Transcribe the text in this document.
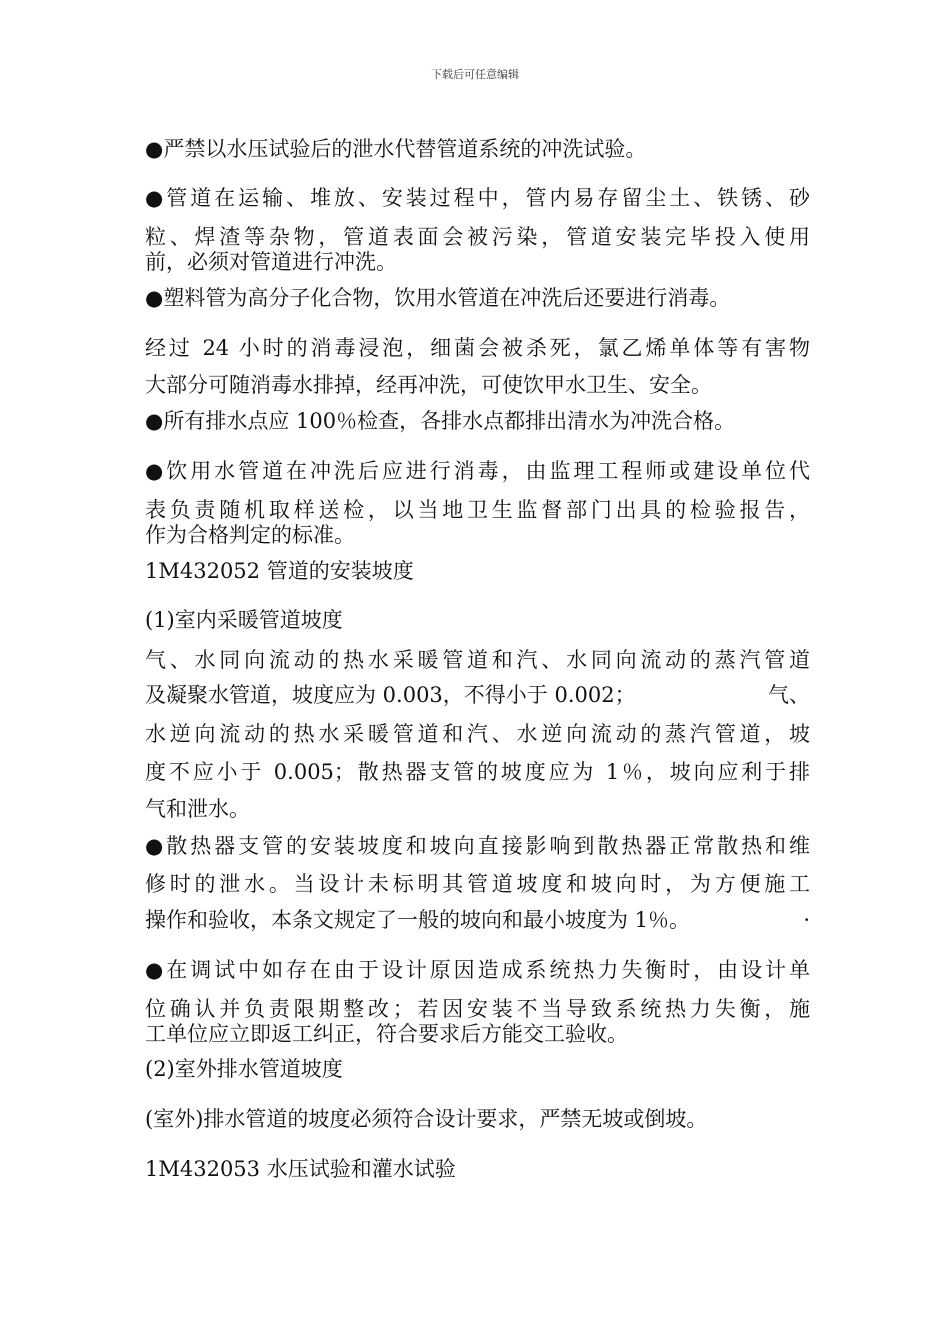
下载后可任意编辑
●严禁以水压试验后的泄水代替管道系统的冲洗试验。
●管道在运输、堆放、安装过程中，管内易存留尘土、铁锈、砂
粒、焊渣等杂物，管道表面会被污染，管道安装完毕投入使用
前，必须对管道进行冲洗。
●塑料管为高分子化合物，饮用水管道在冲洗后还要进行消毒。
经过 24 小时的消毒浸泡，细菌会被杀死，氯乙烯单体等有害物
大部分可随消毒水排掉，经再冲洗，可使饮甲水卫生、安全。
●所有排水点应 100％检查，各排水点都排出清水为冲洗合格。
●饮用水管道在冲洗后应进行消毒，由监理工程师或建设单位代
表负责随机取样送检，以当地卫生监督部门出具的检验报告，
作为合格判定的标准。
1M432052 管道的安装坡度
(1)室内采暖管道坡度
气、水同向流动的热水采暖管道和汽、水同向流动的蒸汽管道
及凝聚水管道，坡度应为 0.003，不得小于 0.002；	气、
水逆向流动的热水采暖管道和汽、水逆向流动的蒸汽管道，坡
度不应小于 0.005；散热器支管的坡度应为 1％，坡向应利于排
气和泄水。
●散热器支管的安装坡度和坡向直接影响到散热器正常散热和维
修时的泄水。当设计未标明其管道坡度和坡向时，为方便施工
操作和验收，本条文规定了一般的坡向和最小坡度为 1％。	·
●在调试中如存在由于设计原因造成系统热力失衡时，由设计单
位确认并负责限期整改；若因安装不当导致系统热力失衡，施
工单位应立即返工纠正，符合要求后方能交工验收。
(2)室外排水管道坡度
(室外)排水管道的坡度必须符合设计要求，严禁无坡或倒坡。
1M432053 水压试验和灌水试验
